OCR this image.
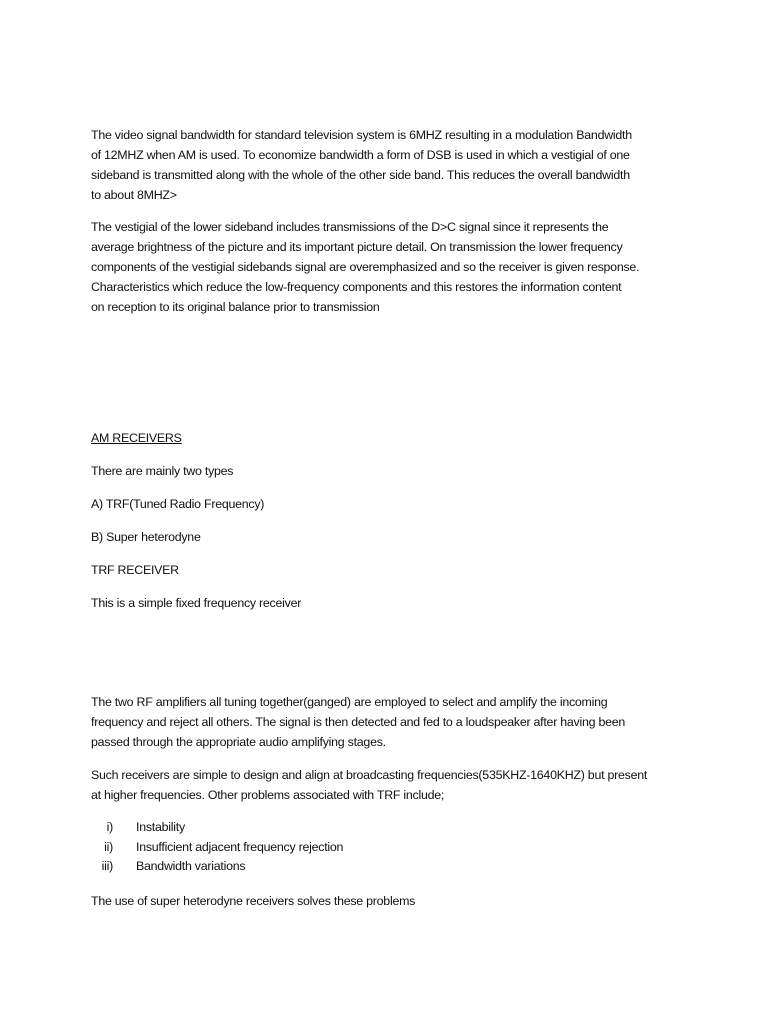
The video signal bandwidth for standard television system is 6MHZ resulting in a modulation Bandwidth
of 12MHZ when AM is used. To economize bandwidth a form of DSB is used in which a vestigial of one
sideband is transmitted along with the whole of the other side band. This reduces the overall bandwidth
to about 8MHZ>
The vestigial of the lower sideband includes transmissions of the D>C signal since it represents the
average brightness of the picture and its important picture detail. On transmission the lower frequency
components of the vestigial sidebands signal are overemphasized and so the receiver is given response.
Characteristics which reduce the low-frequency components and this restores the information content
on reception to its original balance prior to transmission
AM RECEIVERS
There are mainly two types
A) TRF(Tuned Radio Frequency)
B) Super heterodyne
TRF RECEIVER
This is a simple fixed frequency receiver
The two RF amplifiers all tuning together(ganged) are employed to select and amplify the incoming
frequency and reject all others. The signal is then detected and fed to a loudspeaker after having been
passed through the appropriate audio amplifying stages.
Such receivers are simple to design and align at broadcasting frequencies(535KHZ-1640KHZ) but present
at higher frequencies. Other problems associated with TRF include;
i) Instability
ii) Insufficient adjacent frequency rejection
iii) Bandwidth variations
The use of super heterodyne receivers solves these problems
